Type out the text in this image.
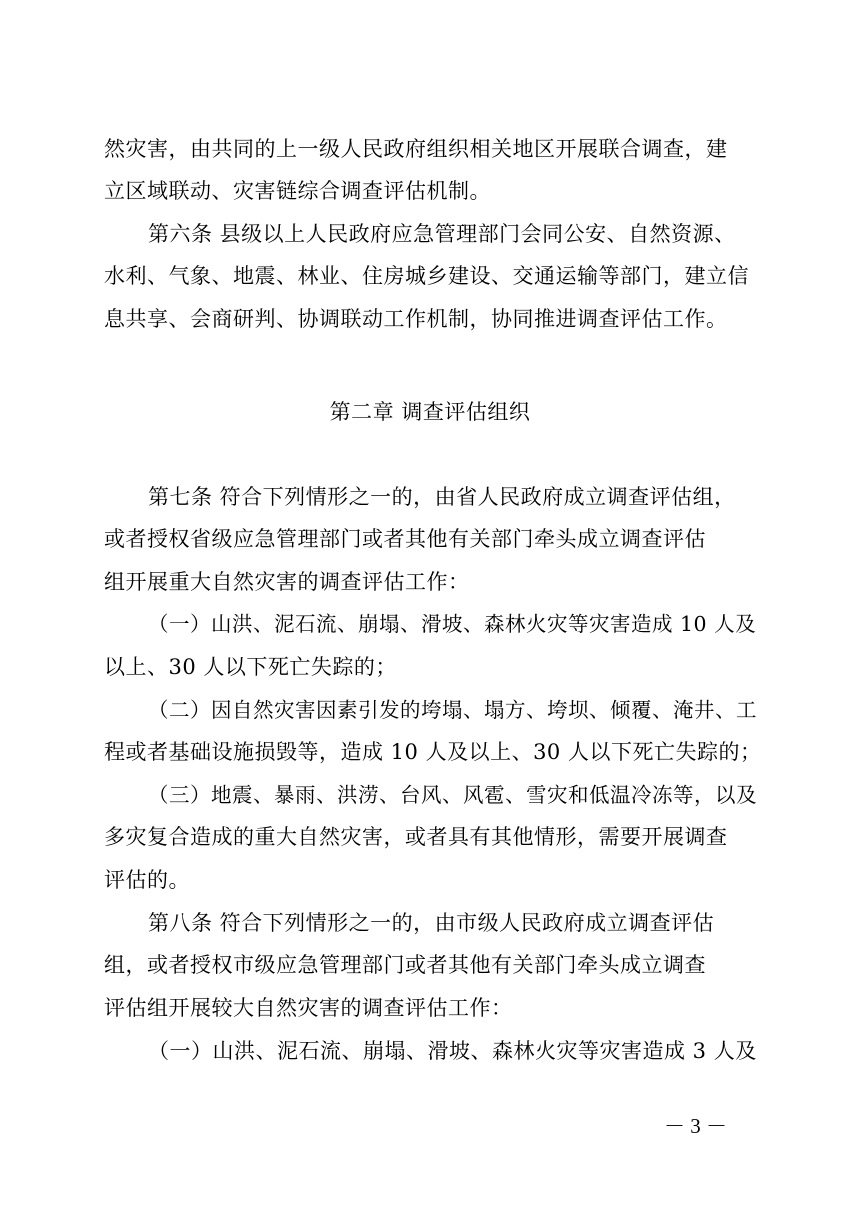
然灾害，由共同的上一级人民政府组织相关地区开展联合调查，建
立区域联动、灾害链综合调查评估机制。
第六条 县级以上人民政府应急管理部门会同公安、自然资源、
水利、气象、地震、林业、住房城乡建设、交通运输等部门，建立信
息共享、会商研判、协调联动工作机制，协同推进调查评估工作。
第二章 调查评估组织
第七条 符合下列情形之一的，由省人民政府成立调查评估组，
或者授权省级应急管理部门或者其他有关部门牵头成立调查评估
组开展重大自然灾害的调查评估工作：
（一）山洪、泥石流、崩塌、滑坡、森林火灾等灾害造成 10 人及
以上、30 人以下死亡失踪的；
（二）因自然灾害因素引发的垮塌、塌方、垮坝、倾覆、淹井、工
程或者基础设施损毁等，造成 10 人及以上、30 人以下死亡失踪的；
（三）地震、暴雨、洪涝、台风、风雹、雪灾和低温冷冻等，以及
多灾复合造成的重大自然灾害，或者具有其他情形，需要开展调查
评估的。
第八条 符合下列情形之一的，由市级人民政府成立调查评估
组，或者授权市级应急管理部门或者其他有关部门牵头成立调查
评估组开展较大自然灾害的调查评估工作：
（一）山洪、泥石流、崩塌、滑坡、森林火灾等灾害造成 3 人及
－ 3 －
